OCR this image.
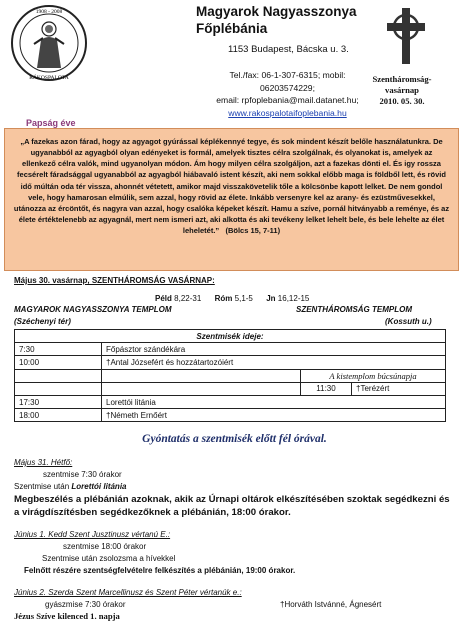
1908 - 2008
RÁKOSPALOTA
Magyarok Nagyasszonya
Főplébánia
1153 Budapest, Bácska u. 3.
Tel./fax: 06-1-307-6315; mobil:
06203574229;
email: rpfoplebania@mail.datanet.hu;
www.rakospalotaifoplebania.hu
Szentháromság-
vasárnap
2010. 05. 30.
Papság éve
„A fazekas azon fárad, hogy az agyagot gyúrással képlékennyé tegye, és sok mindent készít belőle használatunkra. De ugyanabból az agyagból olyan edényeket is formál, amelyek tisztes célra szolgálnak, és olyanokat is, amelyek az ellenkező célra valók, mind ugyanolyan módon. Ám hogy milyen célra szolgáljon, azt a fazekas dönti el. És igy rossza fecsérelt fáradsággal ugyanabból az agyagból hiábavaló istent készít, aki nem sokkal előbb maga is földből lett, és rövid idő múltán oda tér vissza, ahonnét vétetett, amikor majd visszakövetelik tőle a kölcsönbe kapott lelket. De nem gondol vele, hogy hamarosan elmúlik, sem azzal, hogy rövid az élete. Inkább versenyre kel az arany- és ezüstművesekkel, utánozza az ércöntőt, és nagyra van azzal, hogy csalóka képeket készít. Hamu a szíve, pornál hitványabb a reménye, és az élete értéktelenebb az agyagnál, mert nem ismeri azt, aki alkotta és aki tevékeny lelket lehelt bele, és bele lehelte az élet leheletét.” (Bölcs 15, 7-11)
Május 30. vasárnap, SZENTHÁROMSÁG VASÁRNAP:
Péld 8,22-31 Róm 5,1-5 Jn 16,12-15
MAGYAROK NAGYASSZONYA TEMPLOM	SZENTHÁROMSÁG TEMPLOM
(Széchenyi tér)	(Kossuth u.)
Szentmisék ideje:			
7:30	Főpásztor szándékára		
10:00	†Antal Józsefért és hozzátartozóiért		
		A kistemplom búcsúnapja	
		11:30	†Terézért
17:30	Lorettói litánia		
18:00	†Németh Ernőért		
Gyóntatás a szentmisék előtt fél órával.
Május 31. Hétfő:
szentmise 7:30 órakor
Szentmise után Lorettói litánia
Megbeszélés a plébánián azoknak, akik az Úrnapi oltárok elkészítésében szoktak segédkezni és a virágdíszítésben segédkezőknek a plébánián, 18:00 órakor.
Június 1. Kedd Szent Jusztinusz vértanú E.:
szentmise 18:00 órakor
Szentmise után zsolozsma a hívekkel
Felnőtt részére szentségfelvételre felkészítés a plébánián, 19:00 órakor.
Június 2. Szerda Szent Marcellinusz és Szent Péter vértanúk e.:
gyászmise 7:30 órakor	†Horváth Istvánné, Ágnesért
Jézus Szíve kilenced 1. napja
